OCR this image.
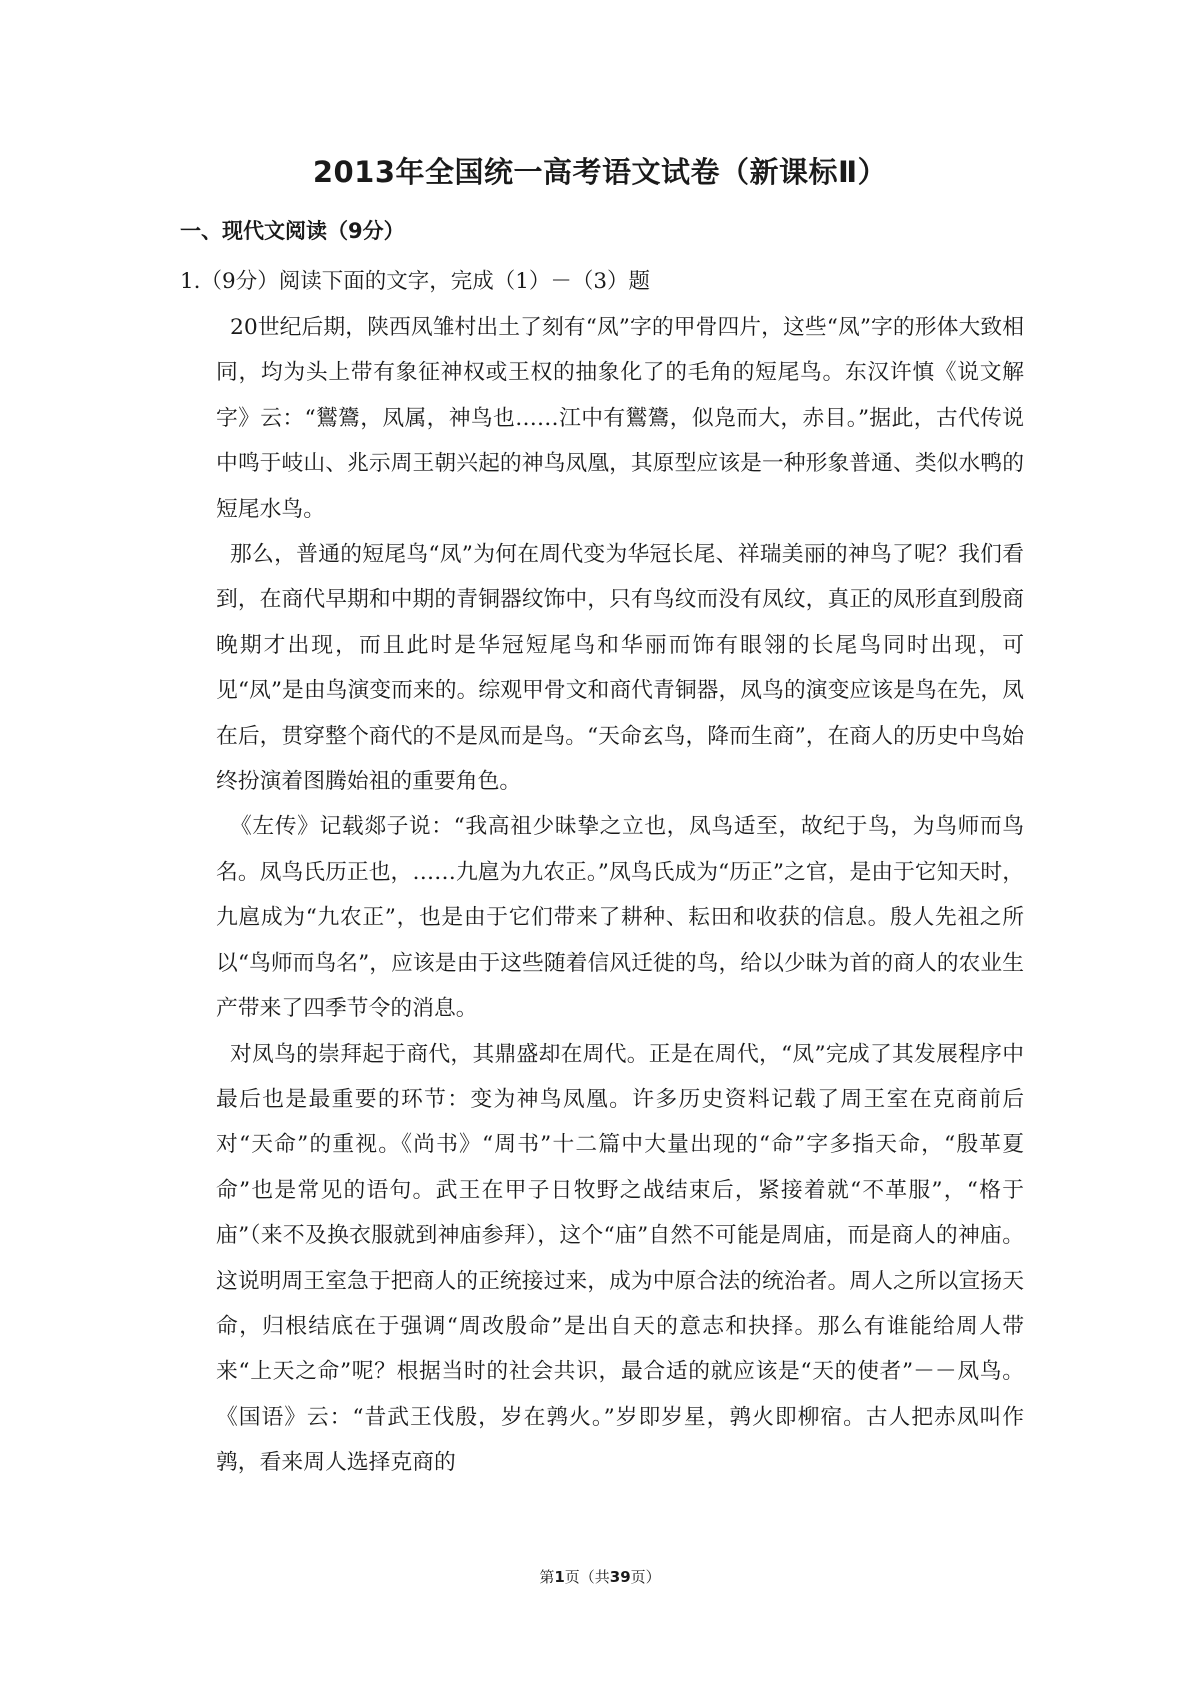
2013年全国统一高考语文试卷（新课标Ⅱ）
一、现代文阅读（9分）

1.（9分）阅读下面的文字，完成（1）－（3）题

20世纪后期，陕西凤雏村出土了刻有“凤”字的甲骨四片，这些“凤”字的形体大致相同，均为头上带有象征神权或王权的抽象化了的毛角的短尾鸟。东汉许慎《说文解字》云：“鸑鷟，凤属，神鸟也……江中有鸑鷟，似凫而大，赤目。”据此，古代传说中鸣于岐山、兆示周王朝兴起的神鸟凤凰，其原型应该是一种形象普通、类似水鸭的短尾水鸟。

那么，普通的短尾鸟“凤”为何在周代变为华冠长尾、祥瑞美丽的神鸟了呢？我们看到，在商代早期和中期的青铜器纹饰中，只有鸟纹而没有凤纹，真正的凤形直到殷商晚期才出现，而且此时是华冠短尾鸟和华丽而饰有眼翎的长尾鸟同时出现，可见“凤”是由鸟演变而来的。综观甲骨文和商代青铜器，凤鸟的演变应该是鸟在先，凤在后，贯穿整个商代的不是凤而是鸟。“天命玄鸟，降而生商”，在商人的历史中鸟始终扮演着图腾始祖的重要角色。

《左传》记载郯子说：“我高祖少昧挚之立也，凤鸟适至，故纪于鸟，为鸟师而鸟名。凤鸟氏历正也，……九扈为九农正。”凤鸟氏成为“历正”之官，是由于它知天时，九扈成为“九农正”，也是由于它们带来了耕种、耘田和收获的信息。殷人先祖之所以“鸟师而鸟名”，应该是由于这些随着信风迁徙的鸟，给以少昧为首的商人的农业生产带来了四季节令的消息。

对凤鸟的崇拜起于商代，其鼎盛却在周代。正是在周代，“凤”完成了其发展程序中最后也是最重要的环节：变为神鸟凤凰。许多历史资料记载了周王室在克商前后对“天命”的重视。《尚书》“周书”十二篇中大量出现的“命”字多指天命，“殷革夏命”也是常见的语句。武王在甲子日牧野之战结束后，紧接着就“不革服”，“格于庙”（来不及换衣服就到神庙参拜），这个“庙”自然不可能是周庙，而是商人的神庙。这说明周王室急于把商人的正统接过来，成为中原合法的统治者。周人之所以宣扬天命，归根结底在于强调“周改殷命”是出自天的意志和抉择。那么有谁能给周人带来“上天之命”呢？根据当时的社会共识，最合适的就应该是“天的使者”－－凤鸟。《国语》云：“昔武王伐殷，岁在鹑火。”岁即岁星，鹑火即柳宿。古人把赤凤叫作鹑，看来周人选择克商的

第1页（共39页）
